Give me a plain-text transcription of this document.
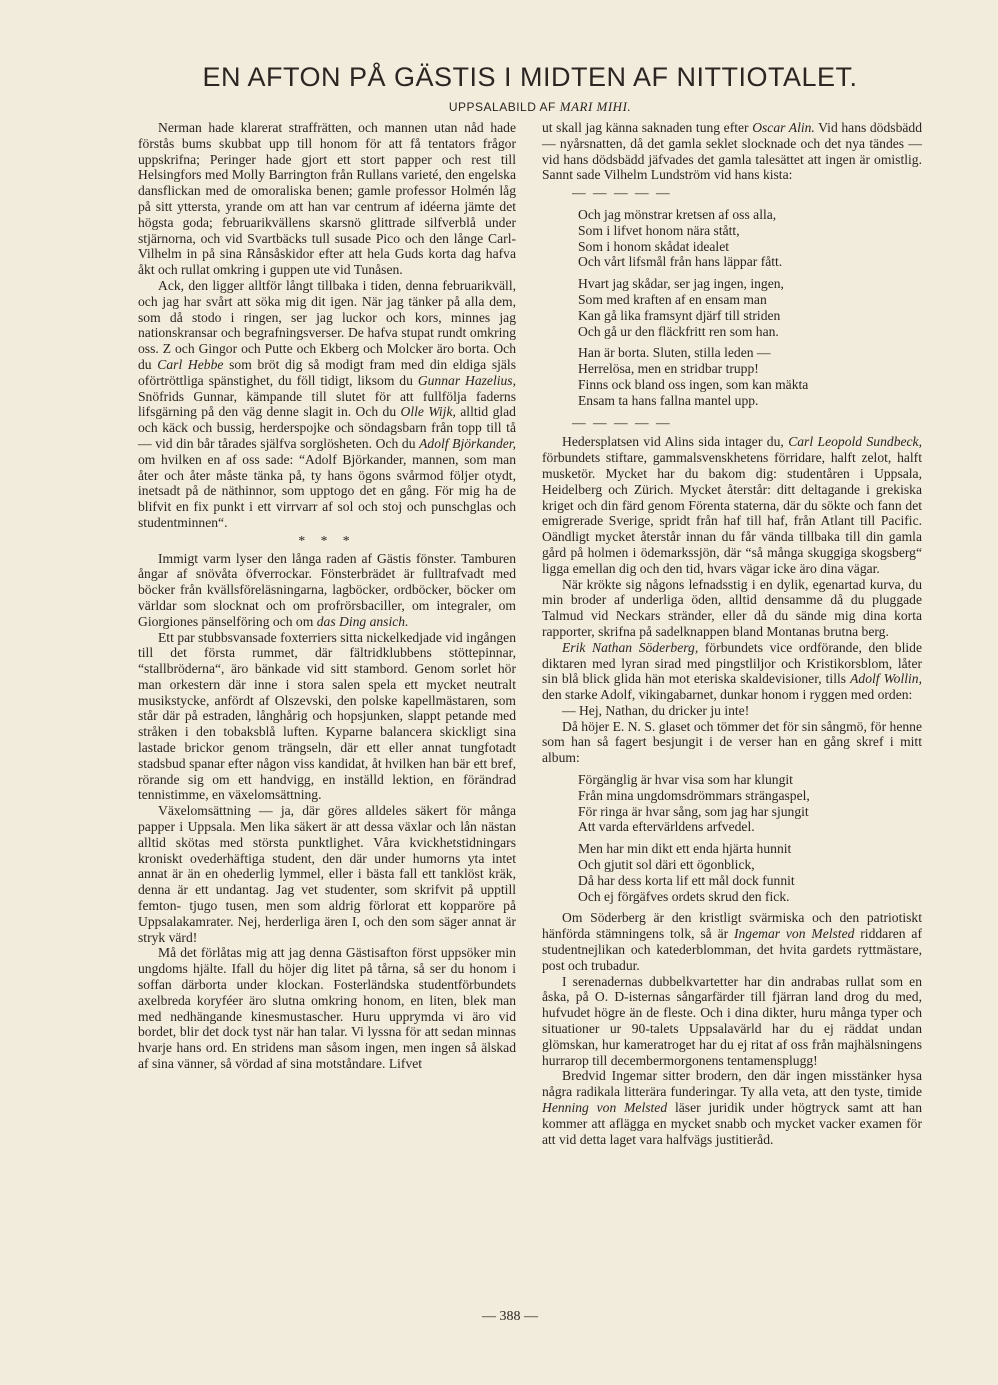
EN AFTON PÅ GÄSTIS I MIDTEN AF NITTIOTALET.
UPPSALABILD AF MARI MIHI.

Nerman hade klarerat straffrätten, och mannen utan nåd hade förstås bums skubbat upp till honom för att få tentators frågor uppskrifna; Peringer hade gjort ett stort papper och rest till Helsingfors med Molly Barrington från Rullans varieté, den engelska dansflickan med de omoraliska benen; gamle professor Holmén låg på sitt yttersta, yrande om att han var centrum af idéerna jämte det högsta goda; februarikvällens skarsnö glittrade silfverblå under stjärnorna, och vid Svartbäcks tull susade Pico och den långe Carl-Vilhelm in på sina Rånsåskidor efter att hela Guds korta dag hafva åkt och rullat omkring i guppen ute vid Tunåsen.

Ack, den ligger alltför långt tillbaka i tiden, denna februarikväll, och jag har svårt att söka mig dit igen. När jag tänker på alla dem, som då stodo i ringen, ser jag luckor och kors, minnes jag nationskransar och begrafningsverser. De hafva stupat rundt omkring oss. Z och Gingor och Putte och Ekberg och Molcker äro borta. Och du Carl Hebbe som bröt dig så modigt fram med din eldiga själs oförtröttliga spänstighet, du föll tidigt, liksom du Gunnar Hazelius, Snöfrids Gunnar, kämpande till slutet för att fullfölja faderns lifsgärning på den väg denne slagit in. Och du Olle Wijk, alltid glad och käck och bussig, herderspojke och söndagsbarn från topp till tå — vid din bår tårades själfva sorglösheten. Och du Adolf Björkander, om hvilken en af oss sade: “Adolf Björkander, mannen, som man åter och åter måste tänka på, ty hans ögons svårmod följer otydt, inetsadt på de näthinnor, som upptogo det en gång. För mig ha de blifvit en fix punkt i ett virrvarr af sol och stoj och punschglas och studentminnen“.

* * *

Immigt varm lyser den långa raden af Gästis fönster. Tamburen ångar af snövåta öfverrockar. Fönsterbrädet är fulltrafvadt med böcker från kvällsföreläsningarna, lagböcker, ordböcker, böcker om världar som slocknat och om profrörsbaciller, om integraler, om Giorgiones pänselföring och om das Ding ansich.

Ett par stubbsvansade foxterriers sitta nickelkedjade vid ingången till det första rummet, där fältridklubbens stöttepinnar, “stallbröderna“, äro bänkade vid sitt stambord. Genom sorlet hör man orkestern där inne i stora salen spela ett mycket neutralt musikstycke, anfördt af Olszevski, den polske kapellmästaren, som står där på estraden, långhårig och hopsjunken, slappt petande med stråken i den tobaksblå luften. Kyparne balancera skickligt sina lastade brickor genom trängseln, där ett eller annat tungfotadt stadsbud spanar efter någon viss kandidat, åt hvilken han bär ett bref, rörande sig om ett handvigg, en inställd lektion, en förändrad tennistimme, en växelomsättning.

Växelomsättning — ja, där göres alldeles säkert för många papper i Uppsala. Men lika säkert är att dessa växlar och lån nästan alltid skötas med största punktlighet. Våra kvickhetstidningars kroniskt ovederhäftiga student, den där under humorns yta intet annat är än en ohederlig lymmel, eller i bästa fall ett tanklöst kräk, denna är ett undantag. Jag vet studenter, som skrifvit på upptill femton- tjugo tusen, men som aldrig förlorat ett kopparöre på Uppsalakamrater. Nej, herderliga ären I, och den som säger annat är stryk värd!

Må det förlåtas mig att jag denna Gästisafton först uppsöker min ungdoms hjälte. Ifall du höjer dig litet på tårna, så ser du honom i soffan därborta under klockan. Fosterländska studentförbundets axelbreda koryféer äro slutna omkring honom, en liten, blek man med nedhängande kinesmustascher. Huru upprymda vi äro vid bordet, blir det dock tyst när han talar. Vi lyssna för att sedan minnas hvarje hans ord. En stridens man såsom ingen, men ingen så älskad af sina vänner, så vördad af sina motståndare. Lifvet

ut skall jag känna saknaden tung efter Oscar Alin. Vid hans dödsbädd — nyårsnatten, då det gamla seklet slocknade och det nya tändes — vid hans dödsbädd jäfvades det gamla talesättet att ingen är omistlig. Sannt sade Vilhelm Lundström vid hans kista:

— — — — —
Och jag mönstrar kretsen af oss alla,
Som i lifvet honom nära stått,
Som i honom skådat idealet
Och vårt lifsmål från hans läppar fått.
Hvart jag skådar, ser jag ingen, ingen,
Som med kraften af en ensam man
Kan gå lika framsynt djärf till striden
Och gå ur den fläckfritt ren som han.
Han är borta. Sluten, stilla leden —
Herrelösa, men en stridbar trupp!
Finns ock bland oss ingen, som kan mäkta
Ensam ta hans fallna mantel upp.
— — — — —

Hedersplatsen vid Alins sida intager du, Carl Leopold Sundbeck, förbundets stiftare, gammalsvenskhetens förridare, halft zelot, halft musketör. Mycket har du bakom dig: studentåren i Uppsala, Heidelberg och Zürich. Mycket återstår: ditt deltagande i grekiska kriget och din färd genom Förenta staterna, där du sökte och fann det emigrerade Sverige, spridt från haf till haf, från Atlant till Pacific. Oändligt mycket återstår innan du får vända tillbaka till din gamla gård på holmen i ödemarkssjön, där “så många skuggiga skogsberg“ ligga emellan dig och den tid, hvars vägar icke äro dina vägar.

När krökte sig någons lefnadsstig i en dylik, egenartad kurva, du min broder af underliga öden, alltid densamme då du pluggade Talmud vid Neckars stränder, eller då du sände mig dina korta rapporter, skrifna på sadelknappen bland Montanas brutna berg.

Erik Nathan Söderberg, förbundets vice ordförande, den blide diktaren med lyran sirad med pingstliljor och Kristikorsblom, låter sin blå blick glida hän mot eteriska skaldevisioner, tills Adolf Wollin, den starke Adolf, vikingabarnet, dunkar honom i ryggen med orden:

— Hej, Nathan, du dricker ju inte!

Då höjer E. N. S. glaset och tömmer det för sin sångmö, för henne som han så fagert besjungit i de verser han en gång skref i mitt album:

Förgänglig är hvar visa som har klungit
Från mina ungdomsdrömmars strängaspel,
För ringa är hvar sång, som jag har sjungit
Att varda eftervärldens arfvedel.
Men har min dikt ett enda hjärta hunnit
Och gjutit sol däri ett ögonblick,
Då har dess korta lif ett mål dock funnit
Och ej förgäfves ordets skrud den fick.

Om Söderberg är den kristligt svärmiska och den patriotiskt hänförda stämningens tolk, så är Ingemar von Melsted riddaren af studentnejlikan och katederblomman, det hvita gardets ryttmästare, post och trubadur.

I serenadernas dubbelkvartetter har din andrabas rullat som en åska, på O. D-isternas sångarfärder till fjärran land drog du med, hufvudet högre än de fleste. Och i dina dikter, huru många typer och situationer ur 90-talets Uppsalavärld har du ej räddat undan glömskan, hur kameratroget har du ej ritat af oss från majhälsningens hurrarop till decembermorgonens tentamensplugg!

Bredvid Ingemar sitter brodern, den där ingen misstänker hysa några radikala litterära funderingar. Ty alla veta, att den tyste, timide Henning von Melsted läser juridik under högtryck samt att han kommer att aflägga en mycket snabb och mycket vacker examen för att vid detta laget vara halfvägs justitieråd.

— 388 —
